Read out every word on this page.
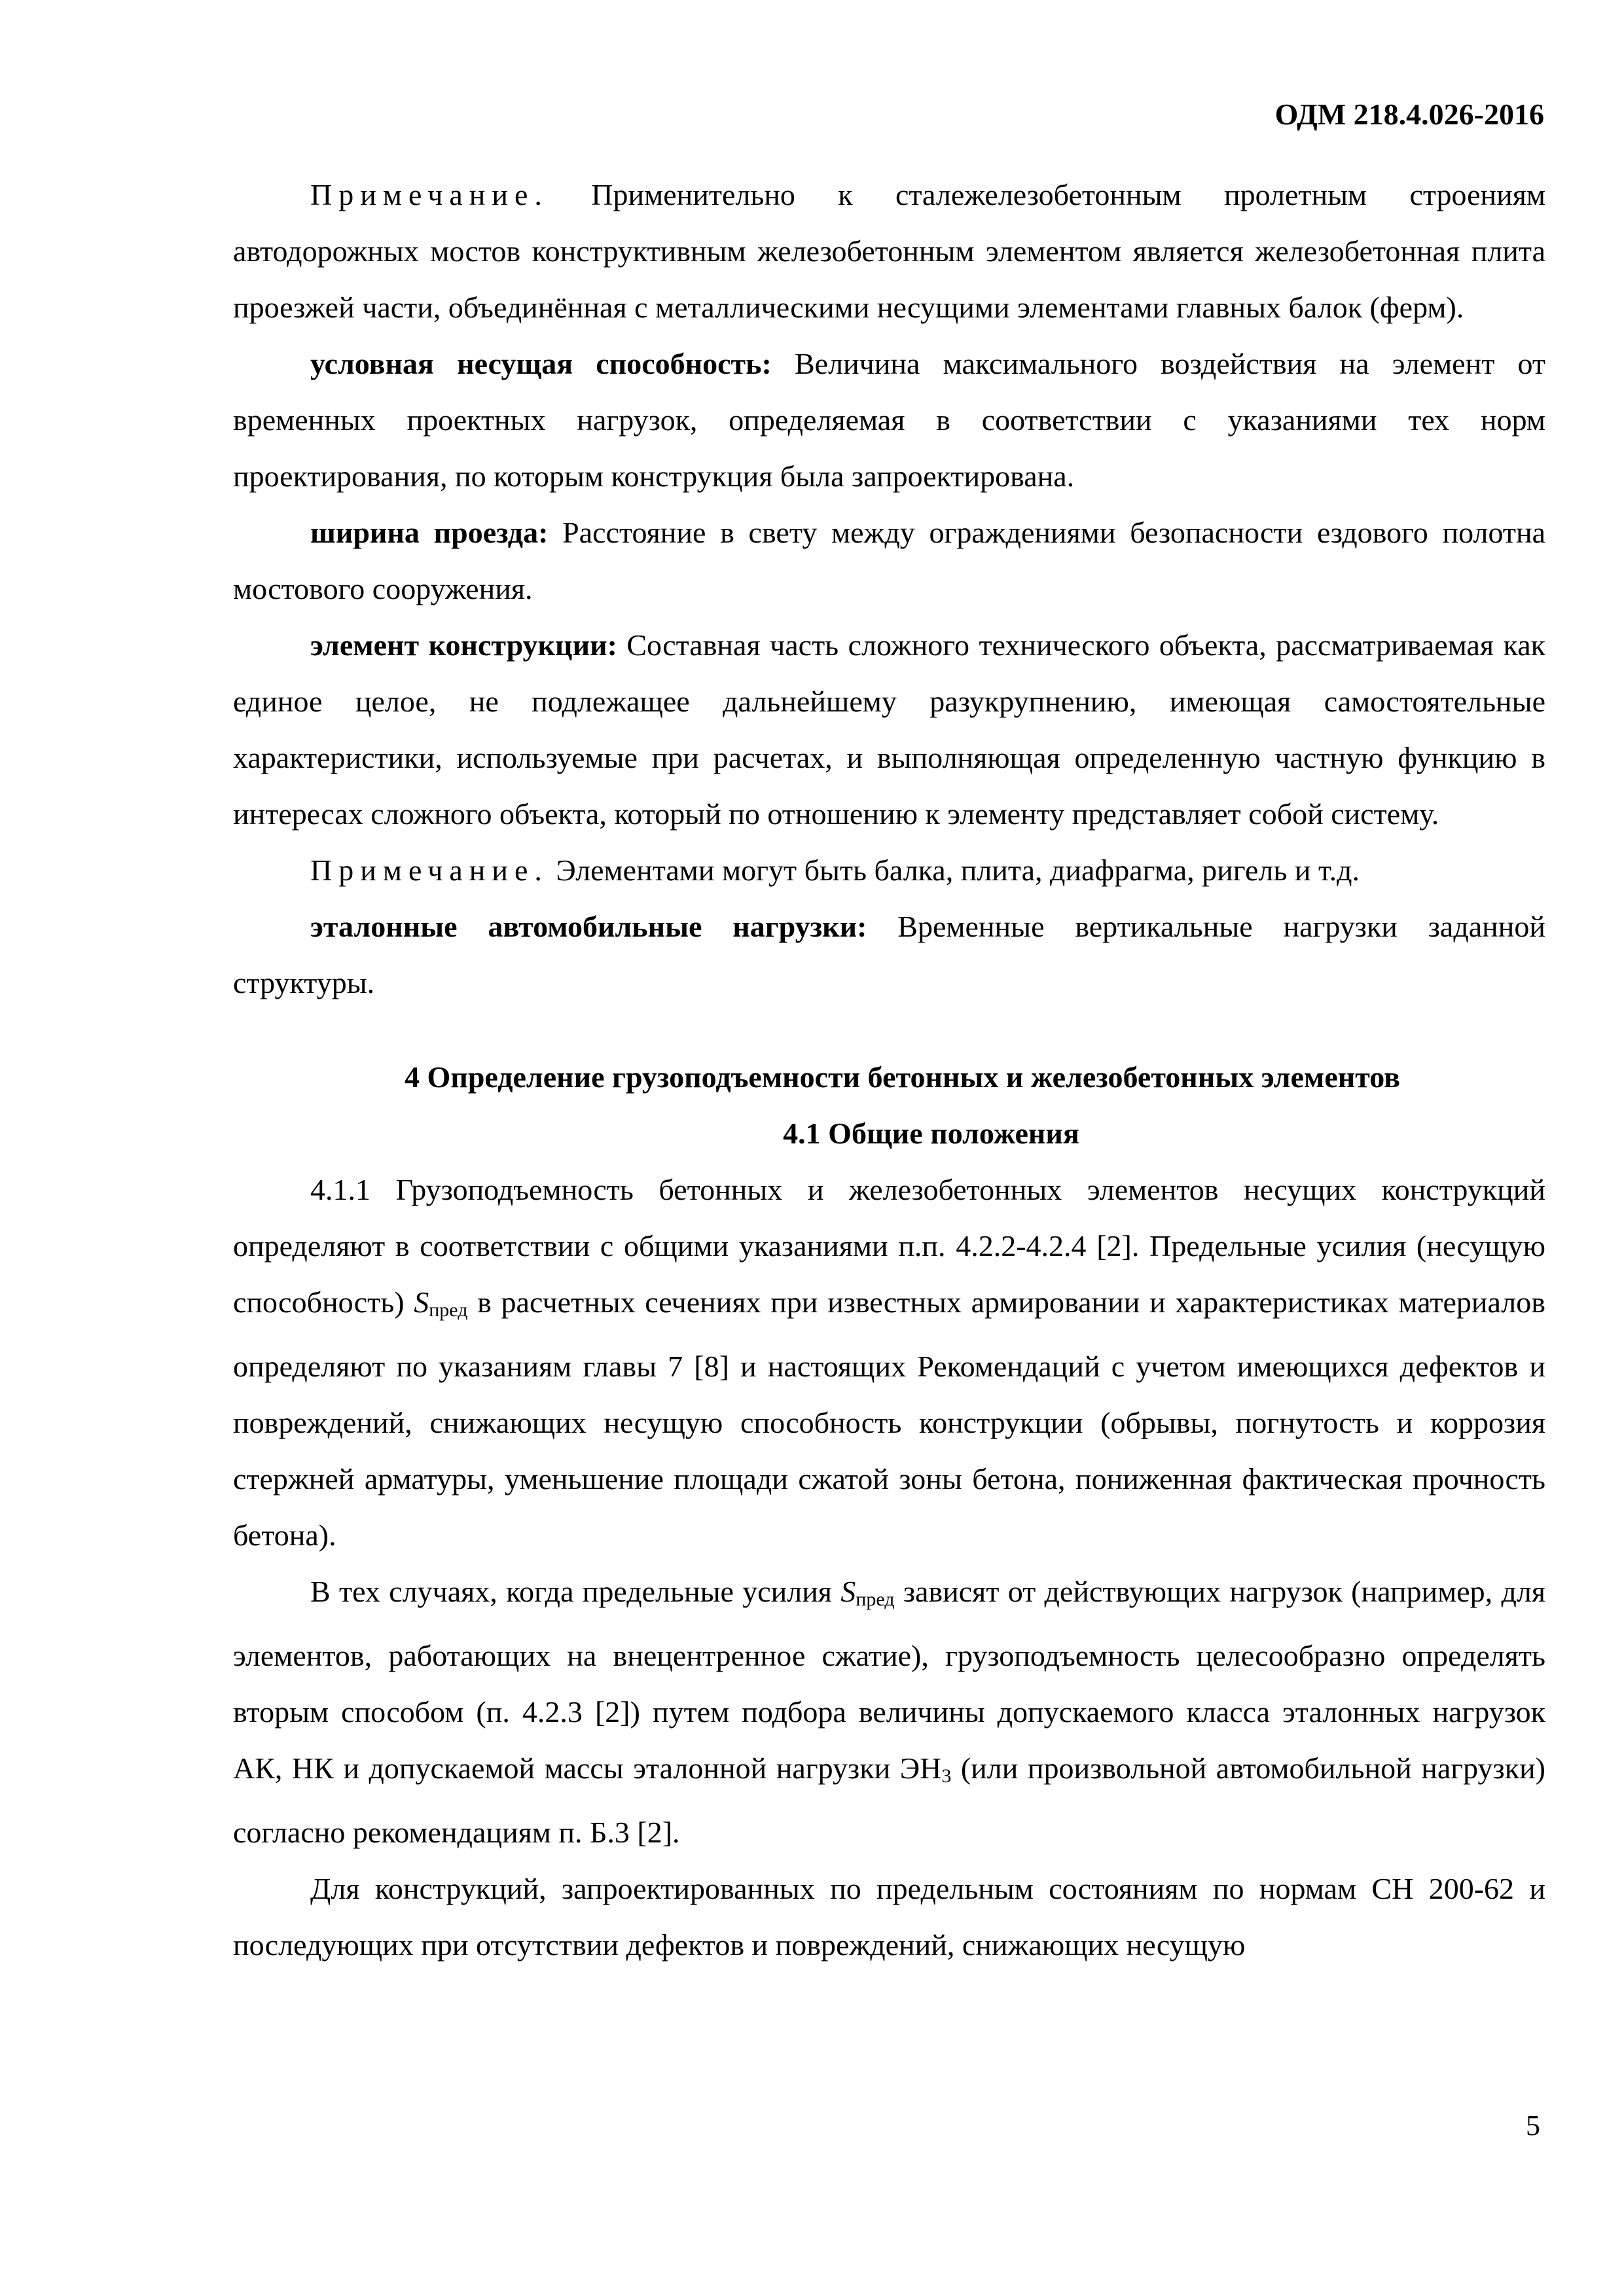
ОДМ 218.4.026-2016

Примечание. Применительно к сталежелезобетонным пролетным строениям автодорожных мостов конструктивным железобетонным элементом является железобетонная плита проезжей части, объединённая с металлическими несущими элементами главных балок (ферм).

условная несущая способность: Величина максимального воздействия на элемент от временных проектных нагрузок, определяемая в соответствии с указаниями тех норм проектирования, по которым конструкция была запроектирована.

ширина проезда: Расстояние в свету между ограждениями безопасности ездового полотна мостового сооружения.

элемент конструкции: Составная часть сложного технического объекта, рассматриваемая как единое целое, не подлежащее дальнейшему разукрупнению, имеющая самостоятельные характеристики, используемые при расчетах, и выполняющая определенную частную функцию в интересах сложного объекта, который по отношению к элементу представляет собой систему.

Примечание. Элементами могут быть балка, плита, диафрагма, ригель и т.д.

эталонные автомобильные нагрузки: Временные вертикальные нагрузки заданной структуры.

4 Определение грузоподъемности бетонных и железобетонных элементов

4.1 Общие положения

4.1.1 Грузоподъемность бетонных и железобетонных элементов несущих конструкций определяют в соответствии с общими указаниями п.п. 4.2.2-4.2.4 [2]. Предельные усилия (несущую способность) $S_{пред}$ в расчетных сечениях при известных армировании и характеристиках материалов определяют по указаниям главы 7 [8] и настоящих Рекомендаций с учетом имеющихся дефектов и повреждений, снижающих несущую способность конструкции (обрывы, погнутость и коррозия стержней арматуры, уменьшение площади сжатой зоны бетона, пониженная фактическая прочность бетона).

В тех случаях, когда предельные усилия $S_{пред}$ зависят от действующих нагрузок (например, для элементов, работающих на внецентренное сжатие), грузоподъемность целесообразно определять вторым способом (п. 4.2.3 [2]) путем подбора величины допускаемого класса эталонных нагрузок АК, НК и допускаемой массы эталонной нагрузки $ЭН_3$ (или произвольной автомобильной нагрузки) согласно рекомендациям п. Б.3 [2].

Для конструкций, запроектированных по предельным состояниям по нормам СН 200-62 и последующих при отсутствии дефектов и повреждений, снижающих несущую

5
